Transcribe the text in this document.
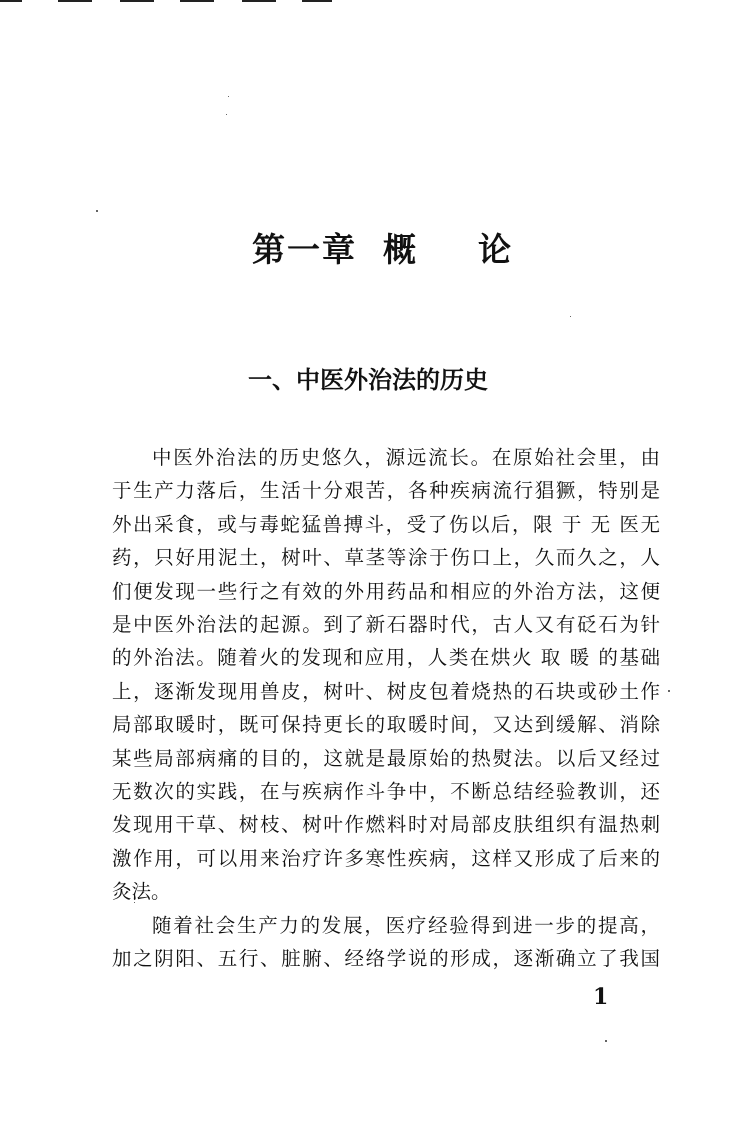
第一章 概 论
一、中医外治法的历史
中医外治法的历史悠久，源远流长。在原始社会里，由
于生产力落后，生活十分艰苦，各种疾病流行猖獗，特别是
外出采食，或与毒蛇猛兽搏斗，受了伤以后，限 于 无 医无
药，只好用泥土，树叶、草茎等涂于伤口上，久而久之，人
们便发现一些行之有效的外用药品和相应的外治方法，这便
是中医外治法的起源。到了新石器时代，古人又有砭石为针
的外治法。随着火的发现和应用，人类在烘火 取 暖 的基础
上，逐渐发现用兽皮，树叶、树皮包着烧热的石块或砂土作
局部取暖时，既可保持更长的取暖时间，又达到缓解、消除
某些局部病痛的目的，这就是最原始的热熨法。以后又经过
无数次的实践，在与疾病作斗争中，不断总结经验教训，还
发现用干草、树枝、树叶作燃料时对局部皮肤组织有温热刺
激作用，可以用来治疗许多寒性疾病，这样又形成了后来的
灸法。
随着社会生产力的发展，医疗经验得到进一步的提高，
加之阴阳、五行、脏腑、经络学说的形成，逐渐确立了我国
1
